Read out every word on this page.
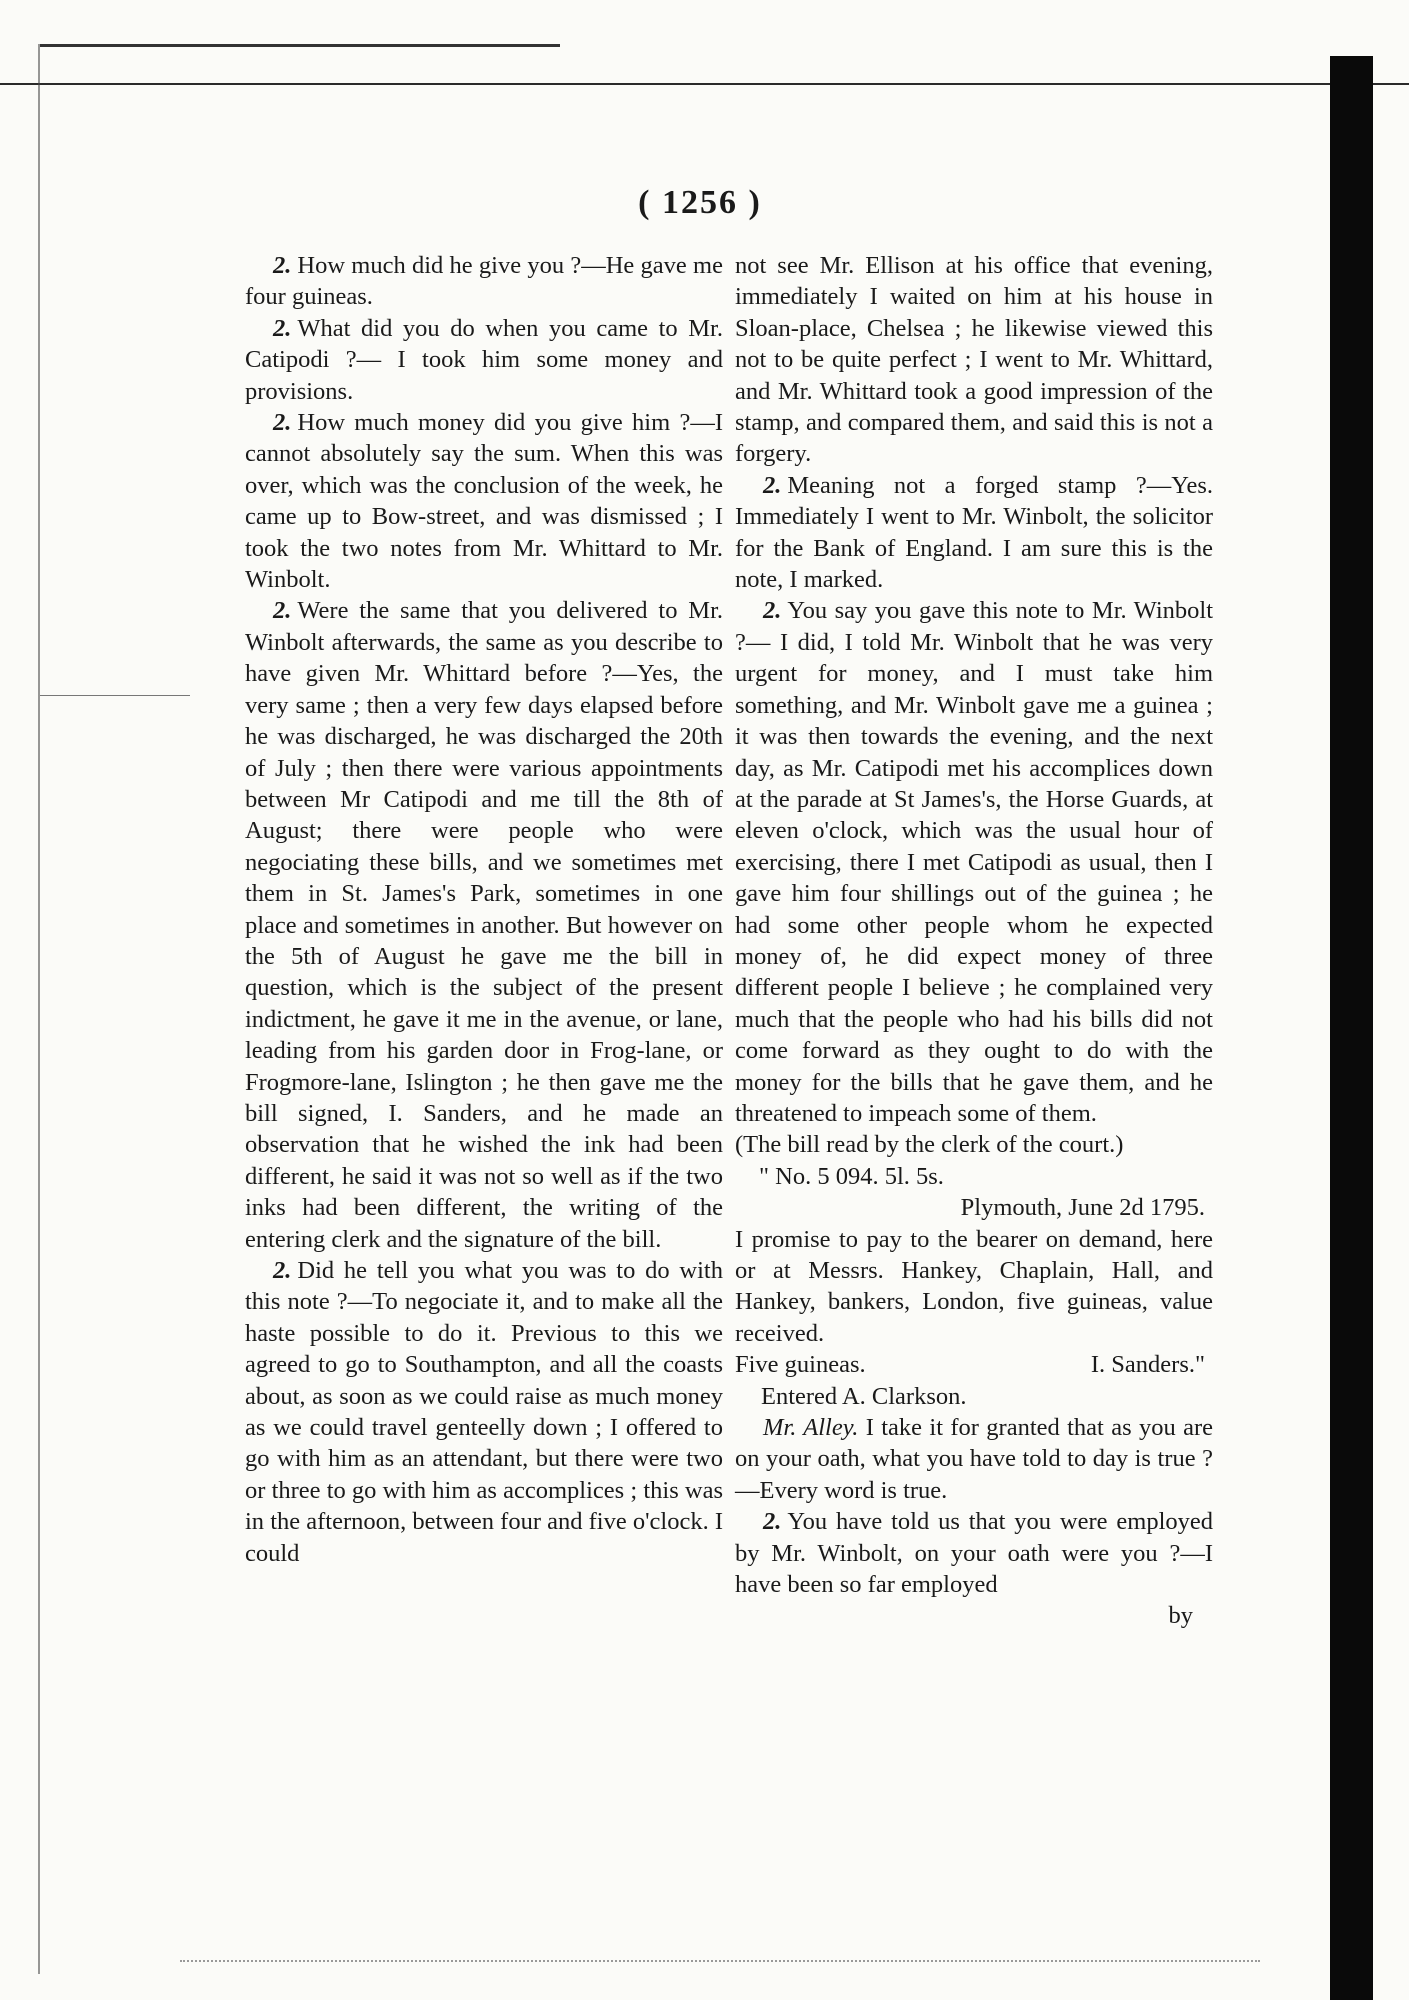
( 1256 )

2. How much did he give you ?—He gave me four guineas.

2. What did you do when you came to Mr. Catipodi ?— I took him some money and provisions.

2. How much money did you give him ?—I cannot absolutely say the sum. When this was over, which was the conclusion of the week, he came up to Bow-street, and was dismissed ; I took the two notes from Mr. Whittard to Mr. Winbolt.

2. Were the same that you delivered to Mr. Winbolt afterwards, the same as you describe to have given Mr. Whittard before ?—Yes, the very same ; then a very few days elapsed before he was discharged, he was discharged the 20th of July ; then there were various appointments between Mr Catipodi and me till the 8th of August; there were people who were negociating these bills, and we sometimes met them in St. James's Park, sometimes in one place and sometimes in another. But however on the 5th of August he gave me the bill in question, which is the subject of the present indictment, he gave it me in the avenue, or lane, leading from his garden door in Frog-lane, or Frogmore-lane, Islington ; he then gave me the bill signed, I. Sanders, and he made an observation that he wished the ink had been different, he said it was not so well as if the two inks had been different, the writing of the entering clerk and the signature of the bill.

2. Did he tell you what you was to do with this note ?—To negociate it, and to make all the haste possible to do it. Previous to this we agreed to go to Southampton, and all the coasts about, as soon as we could raise as much money as we could travel genteelly down ; I offered to go with him as an attendant, but there were two or three to go with him as accomplices ; this was in the afternoon, between four and five o'clock. I could

not see Mr. Ellison at his office that evening, immediately I waited on him at his house in Sloan-place, Chelsea ; he likewise viewed this not to be quite perfect ; I went to Mr. Whittard, and Mr. Whittard took a good impression of the stamp, and compared them, and said this is not a forgery.

2. Meaning not a forged stamp ?—Yes. Immediately I went to Mr. Winbolt, the solicitor for the Bank of England. I am sure this is the note, I marked.

2. You say you gave this note to Mr. Winbolt ?— I did, I told Mr. Winbolt that he was very urgent for money, and I must take him something, and Mr. Winbolt gave me a guinea ; it was then towards the evening, and the next day, as Mr. Catipodi met his accomplices down at the parade at St James's, the Horse Guards, at eleven o'clock, which was the usual hour of exercising, there I met Catipodi as usual, then I gave him four shillings out of the guinea ; he had some other people whom he expected money of, he did expect money of three different people I believe ; he complained very much that the people who had his bills did not come forward as they ought to do with the money for the bills that he gave them, and he threatened to impeach some of them.

(The bill read by the clerk of the court.)

" No. 5 094. 5l. 5s.

Plymouth, June 2d 1795.

I promise to pay to the bearer on demand, here or at Messrs. Hankey, Chaplain, Hall, and Hankey, bankers, London, five guineas, value received.

Five guineas.	I. Sanders."

Entered A. Clarkson.

Mr. Alley. I take it for granted that as you are on your oath, what you have told to day is true ?—Every word is true.

2. You have told us that you were employed by Mr. Winbolt, on your oath were you ?—I have been so far employed

by
